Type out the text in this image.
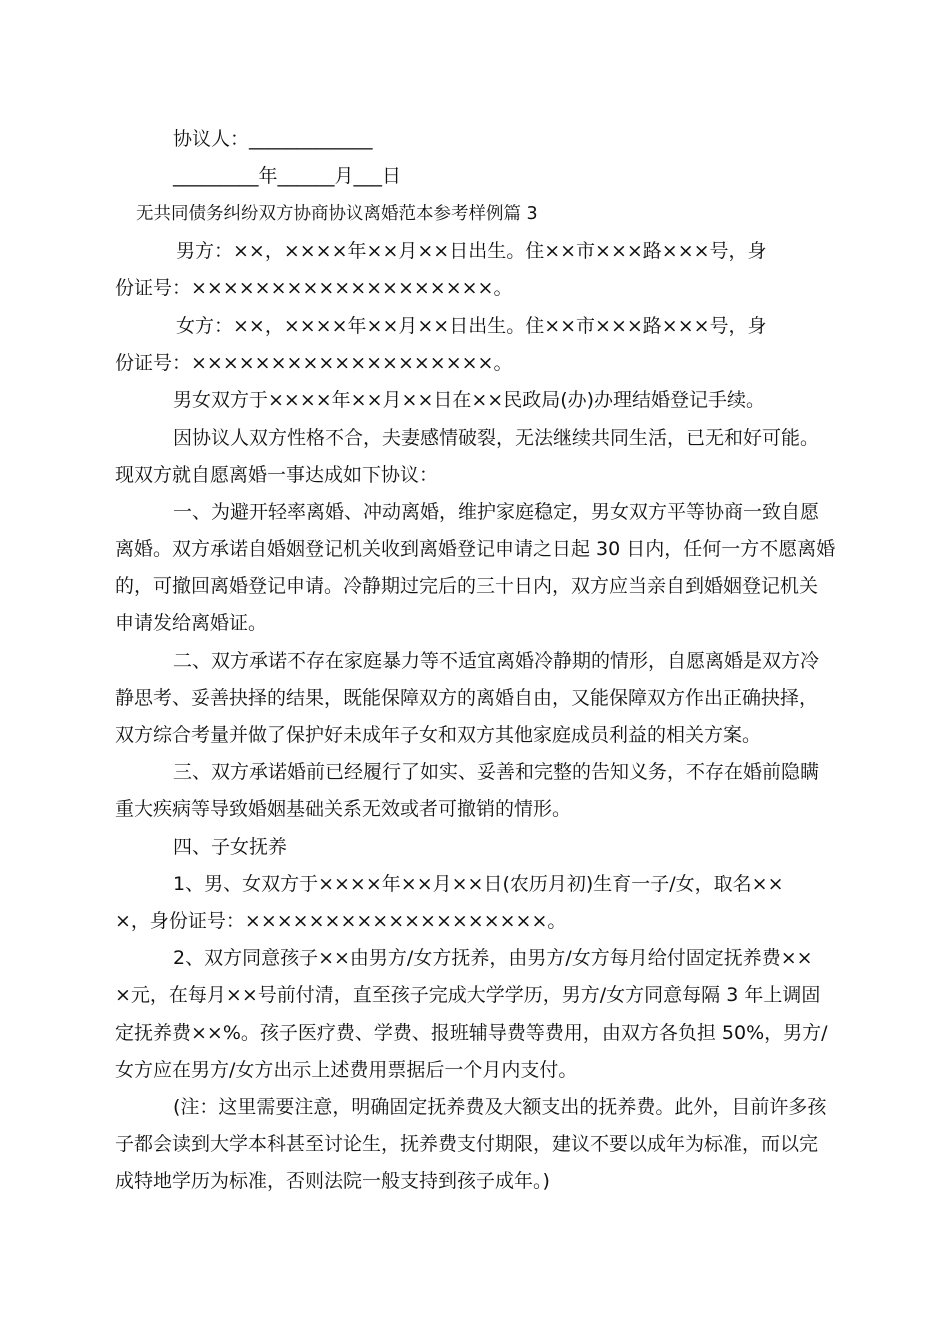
协议人：_____________
_________年______月___日
无共同债务纠纷双方协商协议离婚范本参考样例篇 3
男方：××，××××年××月××日出生。住××市×××路×××号，身
份证号：×××××××××××××××××××。
女方：××，××××年××月××日出生。住××市×××路×××号，身
份证号：×××××××××××××××××××。
男女双方于××××年××月××日在××民政局(办)办理结婚登记手续。
因协议人双方性格不合，夫妻感情破裂，无法继续共同生活，已无和好可能。
现双方就自愿离婚一事达成如下协议：
一、为避开轻率离婚、冲动离婚，维护家庭稳定，男女双方平等协商一致自愿
离婚。双方承诺自婚姻登记机关收到离婚登记申请之日起 30 日内，任何一方不愿离婚
的，可撤回离婚登记申请。冷静期过完后的三十日内，双方应当亲自到婚姻登记机关
申请发给离婚证。
二、双方承诺不存在家庭暴力等不适宜离婚冷静期的情形，自愿离婚是双方冷
静思考、妥善抉择的结果，既能保障双方的离婚自由，又能保障双方作出正确抉择，
双方综合考量并做了保护好未成年子女和双方其他家庭成员利益的相关方案。
三、双方承诺婚前已经履行了如实、妥善和完整的告知义务，不存在婚前隐瞒
重大疾病等导致婚姻基础关系无效或者可撤销的情形。
四、子女抚养
1、男、女双方于××××年××月××日(农历月初)生育一子/女，取名××
×，身份证号：×××××××××××××××××××。
2、双方同意孩子××由男方/女方抚养，由男方/女方每月给付固定抚养费××
×元，在每月××号前付清，直至孩子完成大学学历，男方/女方同意每隔 3 年上调固
定抚养费××%。孩子医疗费、学费、报班辅导费等费用，由双方各负担 50%，男方/
女方应在男方/女方出示上述费用票据后一个月内支付。
(注：这里需要注意，明确固定抚养费及大额支出的抚养费。此外，目前许多孩
子都会读到大学本科甚至讨论生，抚养费支付期限，建议不要以成年为标准，而以完
成特地学历为标准，否则法院一般支持到孩子成年。)
